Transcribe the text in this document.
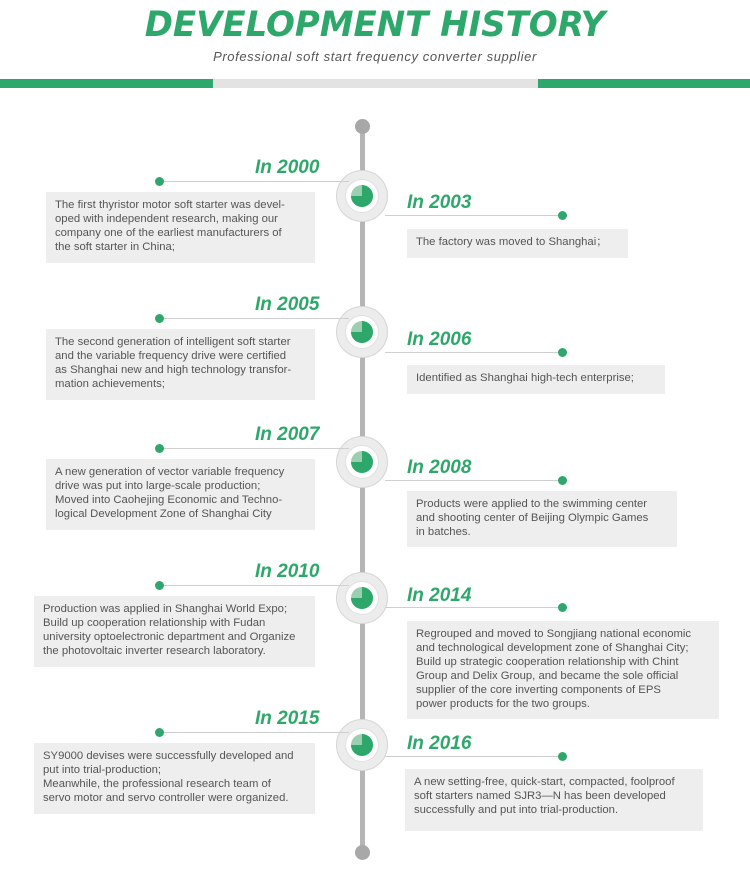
DEVELOPMENT HISTORY
Professional soft start frequency converter supplier
In 2000

The first thyristor motor soft starter was devel-

oped with independent research, making our

company one of the earliest manufacturers of

the soft starter in China;

In 2003

The factory was moved to Shanghai；

In 2005

The second generation of intelligent soft starter

and the variable frequency drive were certified

as Shanghai new and high technology transfor-

mation achievements;

In 2006

Identified as Shanghai high-tech enterprise;

In 2007

A new generation of vector variable frequency

drive was put into large-scale production;

Moved into Caohejing Economic and Techno-

logical Development Zone of Shanghai City

In 2008

Products were applied to the swimming center

and shooting center of Beijing Olympic Games

in batches.

In 2010

Production was applied in Shanghai World Expo;

Build up cooperation relationship with Fudan

university optoelectronic department and Organize

the photovoltaic inverter research laboratory.

In 2014

Regrouped and moved to Songjiang national economic

and technological development zone of Shanghai City;

Build up strategic cooperation relationship with Chint

Group and Delix Group, and became the sole official

supplier of the core inverting components of EPS

power products for the two groups.

In 2015

SY9000 devises were successfully developed and

put into trial-production;

Meanwhile, the professional research team of

servo motor and servo controller were organized.

In 2016

A new setting-free, quick-start, compacted, foolproof

soft starters named SJR3—N has been developed

successfully and put into trial-production.
